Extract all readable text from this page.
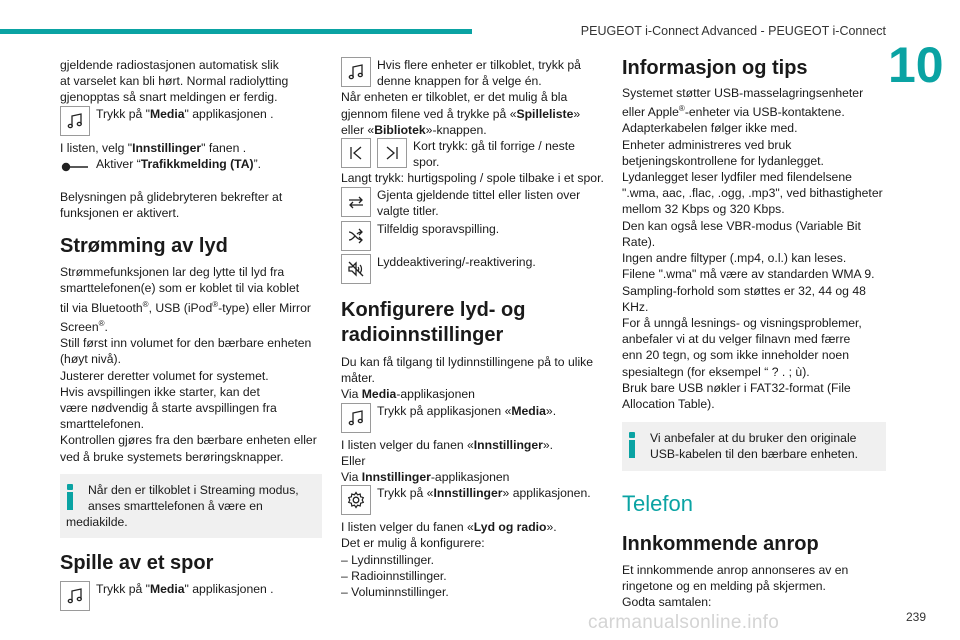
PEUGEOT i-Connect Advanced - PEUGEOT i-Connect
10

gjeldende radiostasjonen automatisk slik
at varselet kan bli hørt. Normal radiolytting
gjenopptas så snart meldingen er ferdig.

Trykk på "Media" applikasjonen .

I listen, velg "Innstillinger" fanen .

Aktiver “Trafikkmelding (TA)”.

Belysningen på glidebryteren bekrefter at
funksjonen er aktivert.

Strømming av lyd

Strømmefunksjonen lar deg lytte til lyd fra
smarttelefonen(e) som er koblet til via koblet
til via Bluetooth®, USB (iPod®-type) eller Mirror
Screen®.
Still først inn volumet for den bærbare enheten
(høyt nivå).
Justerer deretter volumet for systemet.
Hvis avspillingen ikke starter, kan det
være nødvendig å starte avspillingen fra
smarttelefonen.
Kontrollen gjøres fra den bærbare enheten eller
ved å bruke systemets berøringsknapper.

Når den er tilkoblet i Streaming modus,
anses smarttelefonen å være en
mediakilde.

Spille av et spor

Trykk på "Media" applikasjonen .
Hvis flere enheter er tilkoblet, trykk på
denne knappen for å velge én.

Når enheten er tilkoblet, er det mulig å bla
gjennom filene ved å trykke på «Spilleliste»
eller «Bibliotek»-knappen.

Kort trykk: gå til forrige / neste
spor.

Langt trykk: hurtigspoling / spole tilbake i et spor.

Gjenta gjeldende tittel eller listen over
valgte titler.
Tilfeldig sporavspilling.
Lyddeaktivering/-reaktivering.

Konfigurere lyd- og
radioinnstillinger

Du kan få tilgang til lydinnstillingene på to ulike
måter.
Via Media-applikasjonen

Trykk på applikasjonen «Media».

I listen velger du fanen «Innstillinger».
Eller
Via Innstillinger-applikasjonen

Trykk på «Innstillinger» applikasjonen.

I listen velger du fanen «Lyd og radio».
Det er mulig å konfigurere:
– Lydinnstillinger.
– Radioinnstillinger.
– Voluminnstillinger.

Informasjon og tips

Systemet støtter USB-masselagringsenheter
eller Apple®-enheter via USB-kontaktene.
Adapterkabelen følger ikke med.
Enheter administreres ved bruk
betjeningskontrollene for lydanlegget.
Lydanlegget leser lydfiler med filendelsene
".wma, aac, .flac, .ogg, .mp3", ved bithastigheter
mellom 32 Kbps og 320 Kbps.
Den kan også lese VBR-modus (Variable Bit
Rate).
Ingen andre filtyper (.mp4, o.l.) kan leses.
Filene ".wma" må være av standarden WMA 9.
Sampling-forhold som støttes er 32, 44 og 48
KHz.
For å unngå lesnings- og visningsproblemer,
anbefaler vi at du velger filnavn med færre
enn 20 tegn, og som ikke inneholder noen
spesialtegn (for eksempel “ ? . ; ù).
Bruk bare USB nøkler i FAT32-format (File
Allocation Table).

Vi anbefaler at du bruker den originale
USB-kabelen til den bærbare enheten.

Telefon

Innkommende anrop

Et innkommende anrop annonseres av en
ringetone og en melding på skjermen.
Godta samtalen:

carmanualsonline.info	239
